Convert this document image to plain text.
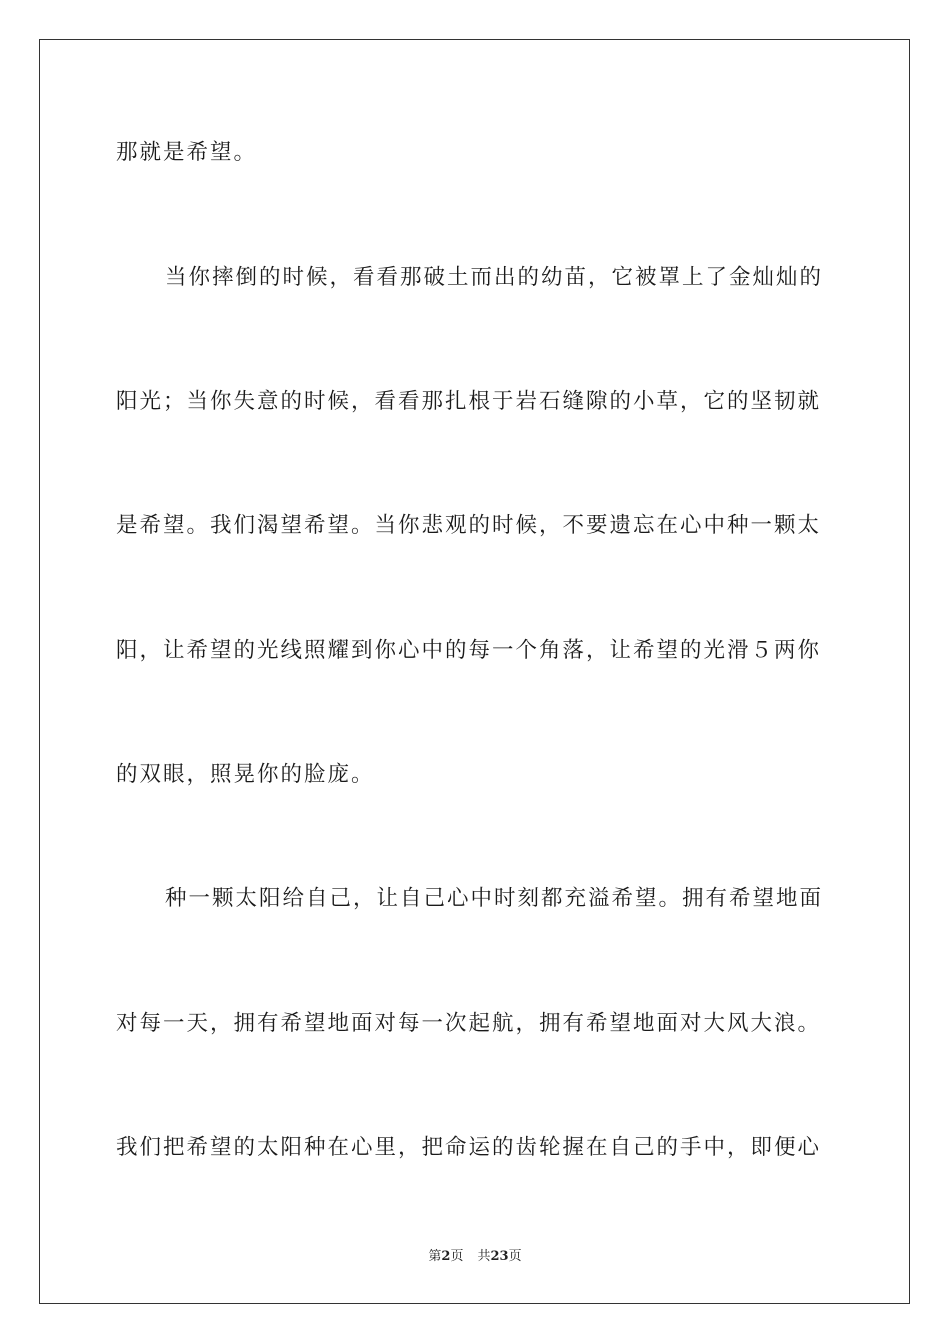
那就是希望。
当你摔倒的时候，看看那破土而出的幼苗，它被罩上了金灿灿的
阳光；当你失意的时候，看看那扎根于岩石缝隙的小草，它的坚韧就
是希望。我们渴望希望。当你悲观的时候，不要遗忘在心中种一颗太
阳，让希望的光线照耀到你心中的每一个角落，让希望的光滑５两你
的双眼，照晃你的脸庞。
种一颗太阳给自己，让自己心中时刻都充溢希望。拥有希望地面
对每一天，拥有希望地面对每一次起航，拥有希望地面对大风大浪。
我们把希望的太阳种在心里，把命运的齿轮握在自己的手中，即便心
第2页 共23页
